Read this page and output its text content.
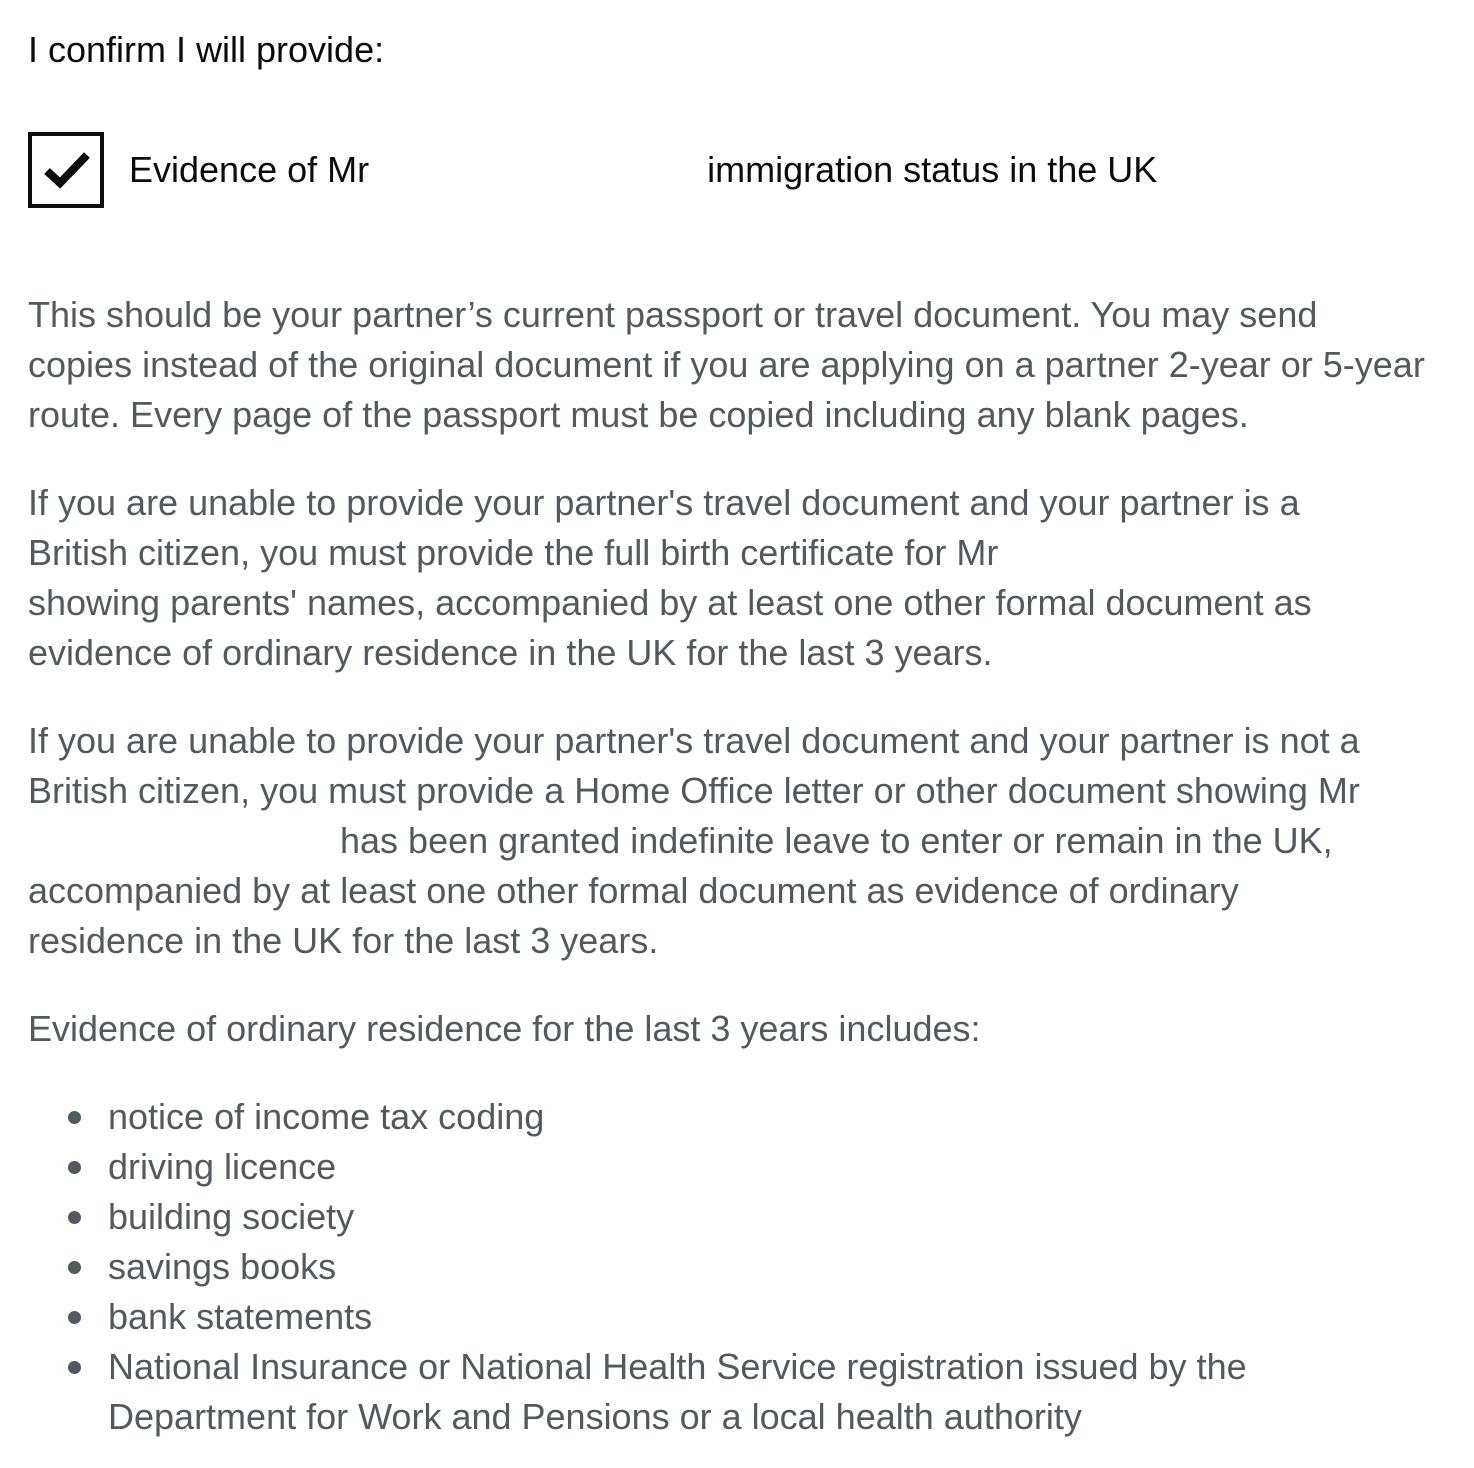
I confirm I will provide:

Evidence of Mr	immigration status in the UK

This should be your partner’s current passport or travel document. You may send copies instead of the original document if you are applying on a partner 2-year or 5-year route. Every page of the passport must be copied including any blank pages.

If you are unable to provide your partner's travel document and your partner is a
British citizen, you must provide the full birth certificate for Mr
showing parents' names, accompanied by at least one other formal document as
evidence of ordinary residence in the UK for the last 3 years.

If you are unable to provide your partner's travel document and your partner is not a
British citizen, you must provide a Home Office letter or other document showing Mr
has been granted indefinite leave to enter or remain in the UK,
accompanied by at least one other formal document as evidence of ordinary
residence in the UK for the last 3 years.

Evidence of ordinary residence for the last 3 years includes:

notice of income tax coding
driving licence
building society
savings books
bank statements
National Insurance or National Health Service registration issued by the Department for Work and Pensions or a local health authority
